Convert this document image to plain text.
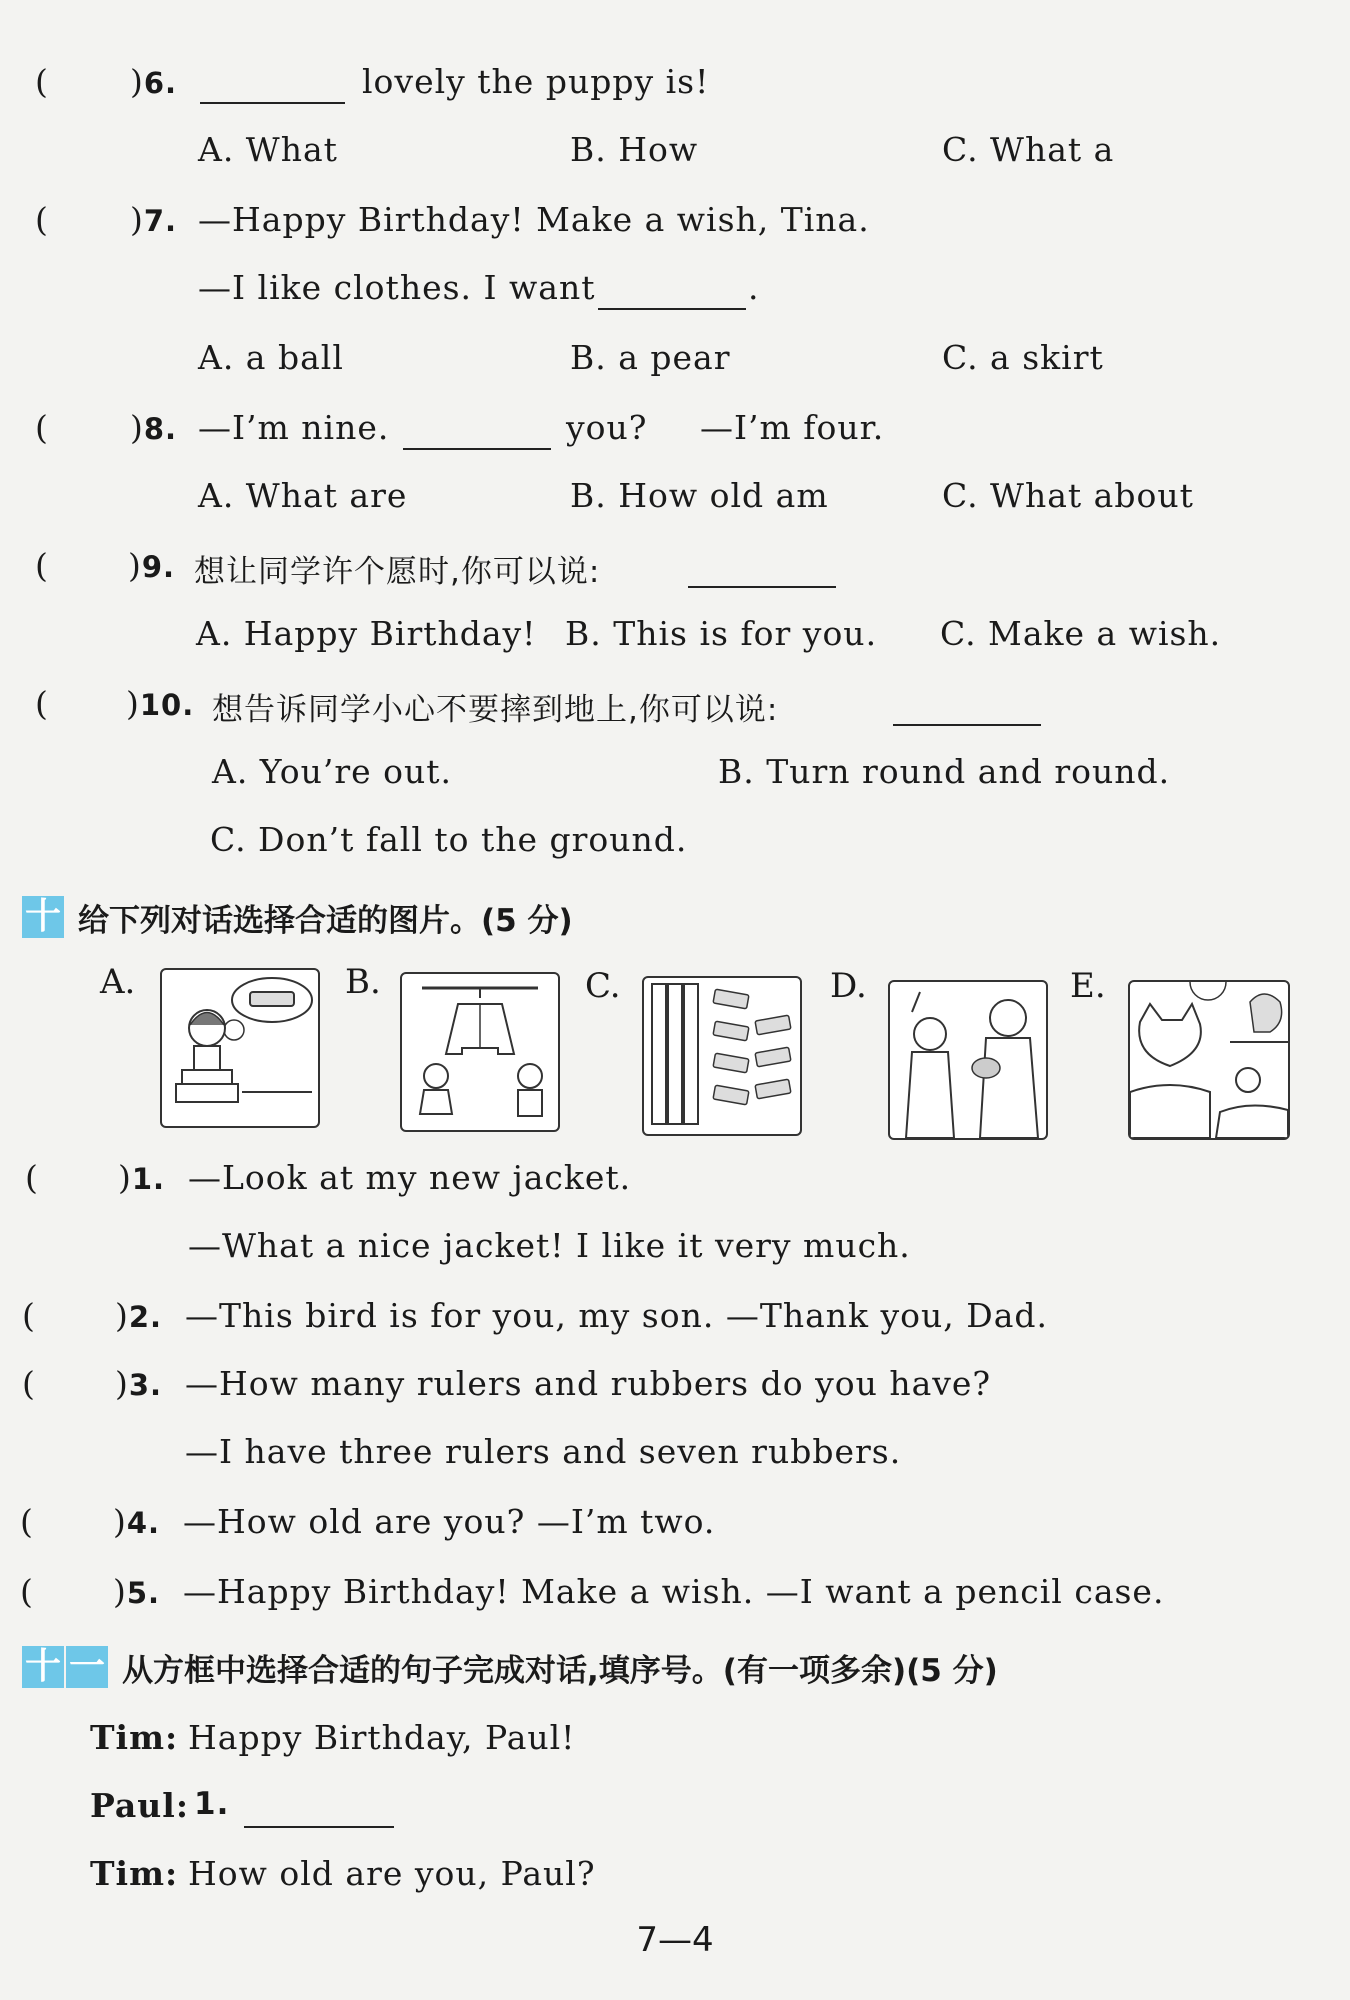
( )6.	lovely the puppy is!
A. What	B. How	C. What a
( )7. —Happy Birthday! Make a wish, Tina.
—I like clothes. I want	.
A. a ball	B. a pear	C. a skirt
( )8. —I’m nine.	you? —I’m four.
A. What are	B. How old am	C. What about
( )9. 想让同学许个愿时,你可以说:
A. Happy Birthday! B. This is for you. C. Make a wish.
( )10. 想告诉同学小心不要摔到地上,你可以说:
A. You’re out.	B. Turn round and round.
C. Don’t fall to the ground.
十 给下列对话选择合适的图片。(5 分)
A.	B.	C.	D.	E.
( )1. —Look at my new jacket.
—What a nice jacket! I like it very much.
( )2. —This bird is for you, my son. —Thank you, Dad.
( )3. —How many rulers and rubbers do you have?
—I have three rulers and seven rubbers.
( )4. —How old are you? —I’m two.
( )5. —Happy Birthday! Make a wish. —I want a pencil case.
十 一 从方框中选择合适的句子完成对话,填序号。(有一项多余)(5 分)
Tim: Happy Birthday, Paul!
Paul: 1.
Tim: How old are you, Paul?
7—4
